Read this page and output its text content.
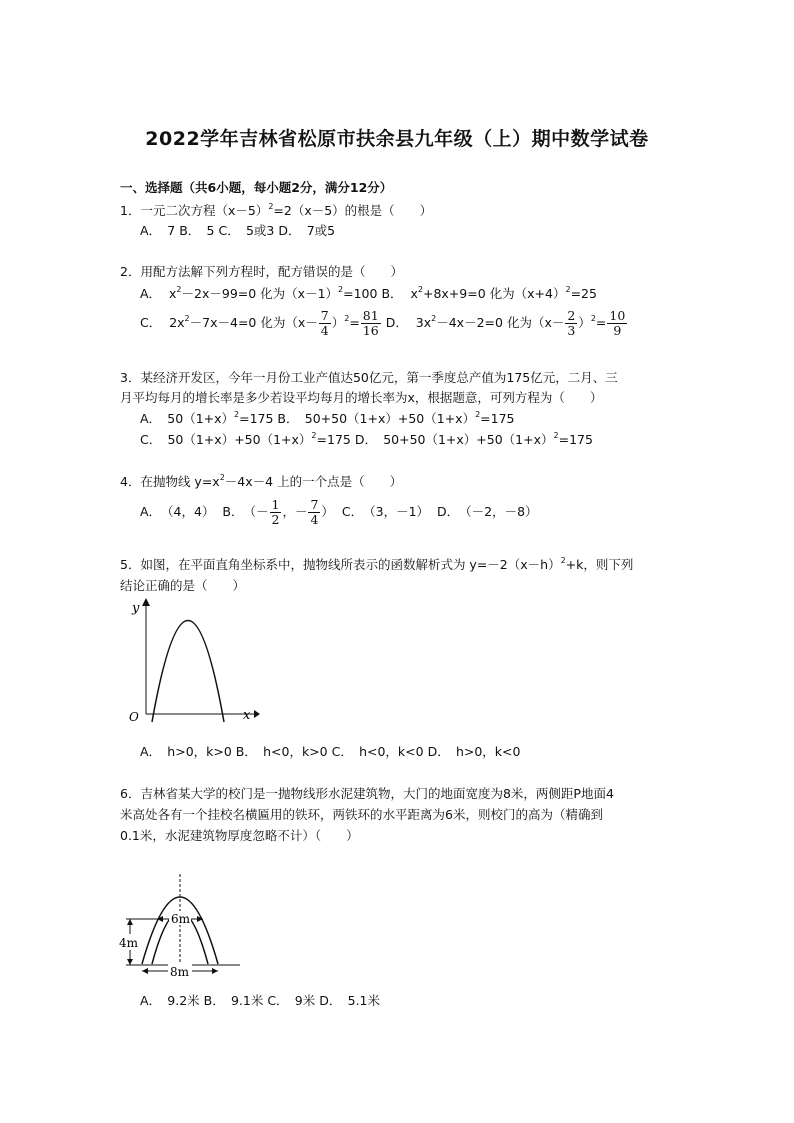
2022学年吉林省松原市扶余县九年级（上）期中数学试卷
一、选择题（共6小题，每小题2分，满分12分）
1．一元二次方程$(x-5)^2=2(x-5)$的根是（　　）
A．　7 B．　5 C．　5或3 D．　7或5
2．用配方法解下列方程时，配方错误的是（　　）
A． $x^2-2x-99=0$ 化为$(x-1)^2=100$ B． $x^2+8x+9=0$ 化为$(x+4)^2=25$
C． $2x^2-7x-4=0$ 化为$(x- \frac{7}{4} )^2= \frac{81}{16}$ D． $3x^2-4x-2=0$ 化为$(x- \frac{2}{3} )^2= \frac{10}{9}$
3．某经济开发区，今年一月份工业产值达50亿元，第一季度总产值为175亿元，二月、三
月平均每月的增长率是多少若设平均每月的增长率为x，根据题意，可列方程为（　　）
A．　$50(1+x)^2=175$ B．　$50+50(1+x)+50(1+x)^2=175$
C．　$50(1+x)+50(1+x)^2=175$ D．　$50+50(1+x)+50(1+x)^2=175$
4．在抛物线 $y=x^2-4x-4$ 上的一个点是（　　）
A．　（4，4） B．　（－ $\frac{1}{2}$ ，－ $\frac{7}{4}$ ） C．　（3，－1） D．　（－2，－8）
5．如图，在平面直角坐标系中，抛物线所表示的函数解析式为 $y=-2(x-h)^2+k$，则下列
结论正确的是（　　）
y
x
O
A．　h>0，k>0 B．　h<0，k>0 C．　h<0，k<0 D．　h>0，k<0
6．吉林省某大学的校门是一抛物线形水泥建筑物，大门的地面宽度为8米，两侧距P地面4
米高处各有一个挂校名横匾用的铁环，两铁环的水平距离为6米，则校门的高为（精确到
0.1米，水泥建筑物厚度忽略不计）（　　）
4m
6m
8m
A．　9.2米 B．　9.1米 C．　9米 D．　5.1米
